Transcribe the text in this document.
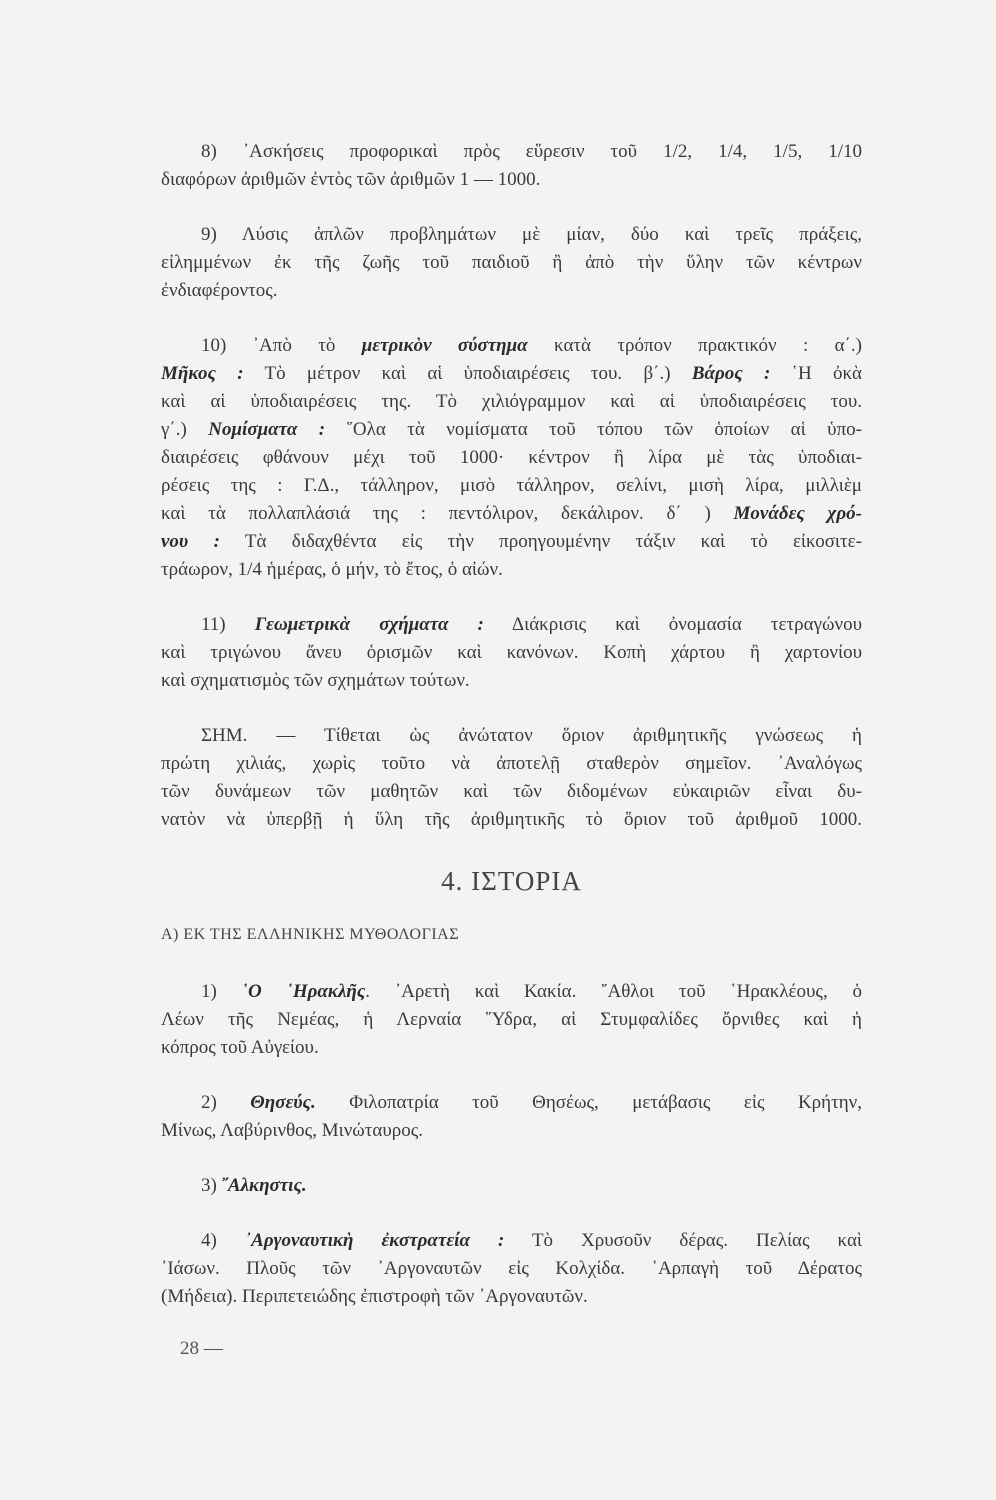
8) ᾿Ασκήσεις προφορικαὶ πρὸς εὕρεσιν τοῦ 1/2, 1/4, 1/5, 1/10
διαφόρων ἀριθμῶν ἐντὸς τῶν ἀριθμῶν 1 — 1000.
9) Λύσις ἁπλῶν προβλημάτων μὲ μίαν, δύο καὶ τρεῖς πράξεις,
εἰλημμένων ἐκ τῆς ζωῆς τοῦ παιδιοῦ ἢ ἀπὸ τὴν ὕλην τῶν κέντρων
ἐνδιαφέροντος.
10) ᾿Απὸ τὸ μετρικὸν σύστημα κατὰ τρόπον πρακτικόν : α΄.)
Μῆκος : Τὸ μέτρον καὶ αἱ ὑποδιαιρέσεις του. β΄.) Βάρος : ῾Η ὀκὰ
καὶ αἱ ὑποδιαιρέσεις της. Τὸ χιλιόγραμμον καὶ αἱ ὑποδιαιρέσεις του.
γ΄.) Νομίσματα : ῞Ολα τὰ νομίσματα τοῦ τόπου τῶν ὁποίων αἱ ὑπο-
διαιρέσεις φθάνουν μέχι τοῦ 1000· κέντρον ἢ λίρα μὲ τὰς ὑποδιαι-
ρέσεις της : Γ.Δ., τάλληρον, μισὸ τάλληρον, σελίνι, μισὴ λίρα, μιλλιὲμ
καὶ τὰ πολλαπλάσιά της : πεντόλιρον, δεκάλιρον. δ΄ ) Μονάδες χρό-
νου : Τὰ διδαχθέντα εἰς τὴν προηγουμένην τάξιν καὶ τὸ εἰκοσιτε-
τράωρον, 1/4 ἡμέρας, ὁ μήν, τὸ ἔτος, ὁ αἰών.
11) Γεωμετρικὰ σχήματα : Διάκρισις καὶ ὀνομασία τετραγώνου
καὶ τριγώνου ἄνευ ὁρισμῶν καὶ κανόνων. Κοπὴ χάρτου ἢ χαρτονίου
καὶ σχηματισμὸς τῶν σχημάτων τούτων.
ΣΗΜ. — Τίθεται ὡς ἀνώτατον ὅριον ἀριθμητικῆς γνώσεως ἡ
πρώτη χιλιάς, χωρὶς τοῦτο νὰ ἀποτελῇ σταθερὸν σημεῖον. ᾿Αναλόγως
τῶν δυνάμεων τῶν μαθητῶν καὶ τῶν διδομένων εὐκαιριῶν εἶναι δυ-
νατὸν νὰ ὑπερβῇ ἡ ὕλη τῆς ἀριθμητικῆς τὸ ὅριον τοῦ ἀριθμοῦ 1000.
4. ΙΣΤΟΡΙΑ
Α) ΕΚ ΤΗΣ ΕΛΛΗΝΙΚΗΣ ΜΥΘΟΛΟΓΙΑΣ
1) ῾Ο ῾Ηρακλῆς. ᾿Αρετὴ καὶ Κακία. ῎Αθλοι τοῦ ῾Ηρακλέους, ὁ
Λέων τῆς Νεμέας, ἡ Λερναία ῞Υδρα, αἱ Στυμφαλίδες ὄρνιθες καὶ ἡ
κόπρος τοῦ Αὐγείου.
2) Θησεύς. Φιλοπατρία τοῦ Θησέως, μετάβασις εἰς Κρήτην,
Μίνως, Λαβύρινθος, Μινώταυρος.
3) ῎Αλκηστις.
4) ᾿Αργοναυτικὴ ἐκστρατεία : Τὸ Χρυσοῦν δέρας. Πελίας καὶ
᾿Ιάσων. Πλοῦς τῶν ᾿Αργοναυτῶν εἰς Κολχίδα. ῾Αρπαγὴ τοῦ Δέρατος
(Μήδεια). Περιπετειώδης ἐπιστροφὴ τῶν ᾿Αργοναυτῶν.
28 —
